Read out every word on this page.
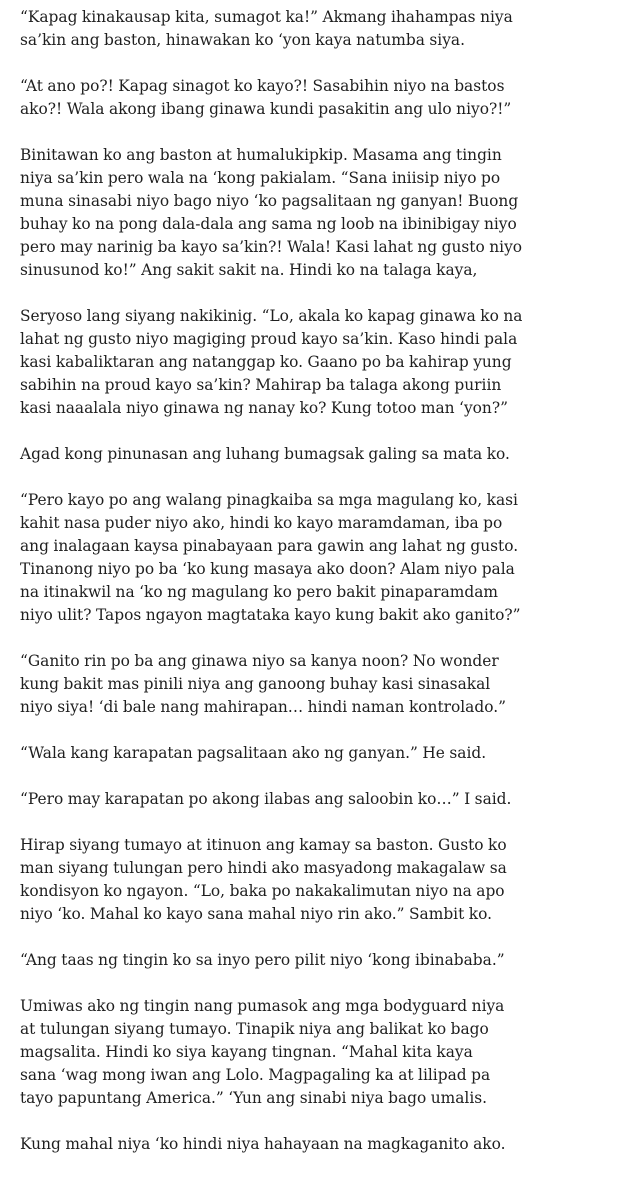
“Kapag kinakausap kita, sumagot ka!” Akmang ihahampas niya
sa’kin ang baston, hinawakan ko ‘yon kaya natumba siya.

“At ano po?! Kapag sinagot ko kayo?! Sasabihin niyo na bastos
ako?! Wala akong ibang ginawa kundi pasakitin ang ulo niyo?!”

Binitawan ko ang baston at humalukipkip. Masama ang tingin
niya sa’kin pero wala na ‘kong pakialam. “Sana iniisip niyo po
muna sinasabi niyo bago niyo ‘ko pagsalitaan ng ganyan! Buong
buhay ko na pong dala-dala ang sama ng loob na ibinibigay niyo
pero may narinig ba kayo sa’kin?! Wala! Kasi lahat ng gusto niyo
sinusunod ko!” Ang sakit sakit na. Hindi ko na talaga kaya,

Seryoso lang siyang nakikinig. “Lo, akala ko kapag ginawa ko na
lahat ng gusto niyo magiging proud kayo sa’kin. Kaso hindi pala
kasi kabaliktaran ang natanggap ko. Gaano po ba kahirap yung
sabihin na proud kayo sa’kin? Mahirap ba talaga akong puriin
kasi naaalala niyo ginawa ng nanay ko? Kung totoo man ‘yon?”

Agad kong pinunasan ang luhang bumagsak galing sa mata ko.

“Pero kayo po ang walang pinagkaiba sa mga magulang ko, kasi
kahit nasa puder niyo ako, hindi ko kayo maramdaman, iba po
ang inalagaan kaysa pinabayaan para gawin ang lahat ng gusto.
Tinanong niyo po ba ‘ko kung masaya ako doon? Alam niyo pala
na itinakwil na ‘ko ng magulang ko pero bakit pinaparamdam
niyo ulit? Tapos ngayon magtataka kayo kung bakit ako ganito?”

“Ganito rin po ba ang ginawa niyo sa kanya noon? No wonder
kung bakit mas pinili niya ang ganoong buhay kasi sinasakal
niyo siya! ‘di bale nang mahirapan… hindi naman kontrolado.”

“Wala kang karapatan pagsalitaan ako ng ganyan.” He said.

“Pero may karapatan po akong ilabas ang saloobin ko…” I said.

Hirap siyang tumayo at itinuon ang kamay sa baston. Gusto ko
man siyang tulungan pero hindi ako masyadong makagalaw sa
kondisyon ko ngayon. “Lo, baka po nakakalimutan niyo na apo
niyo ‘ko. Mahal ko kayo sana mahal niyo rin ako.” Sambit ko.

“Ang taas ng tingin ko sa inyo pero pilit niyo ‘kong ibinababa.”

Umiwas ako ng tingin nang pumasok ang mga bodyguard niya
at tulungan siyang tumayo. Tinapik niya ang balikat ko bago
magsalita. Hindi ko siya kayang tingnan. “Mahal kita kaya
sana ‘wag mong iwan ang Lolo. Magpagaling ka at lilipad pa
tayo papuntang America.” ‘Yun ang sinabi niya bago umalis.

Kung mahal niya ‘ko hindi niya hahayaan na magkaganito ako.
